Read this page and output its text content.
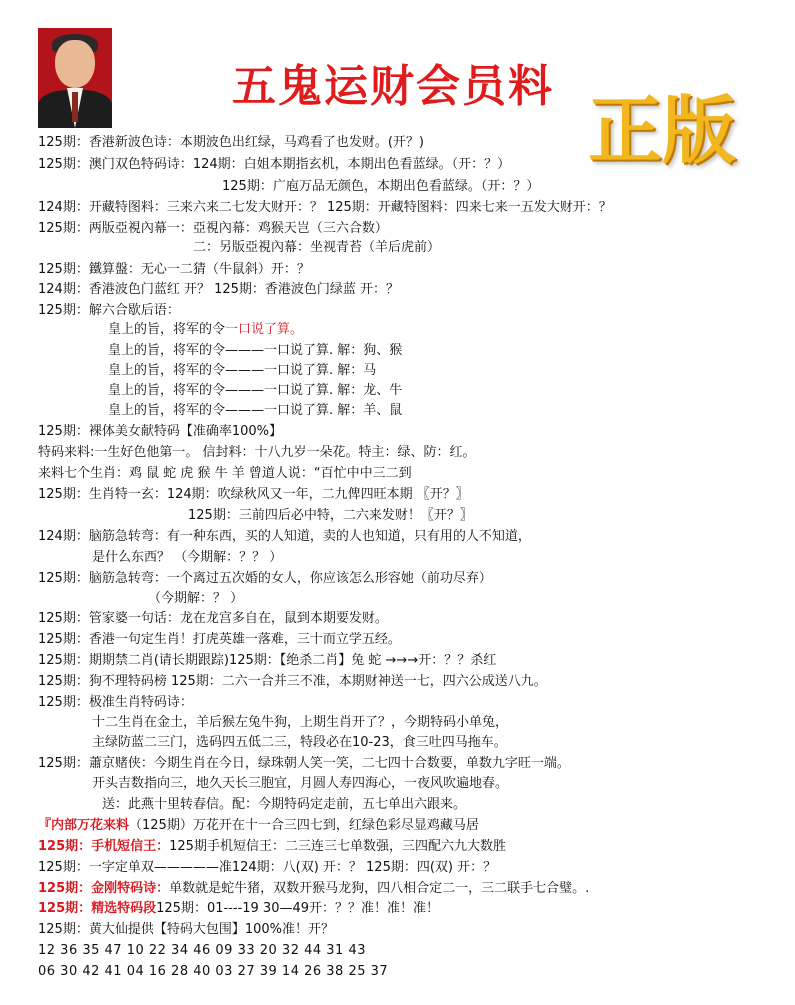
五鬼运财会员料
正版
125期：香港新波色诗：本期波色出红绿，马鸡看了也发财。(开？)
125期：澳门双色特码诗：124期：白姐本期指玄机，本期出色看蓝绿。（开：？）
125期：广庖万品无颜色，本期出色看蓝绿。（开：？）
124期：开藏特图料：三来六来二七发大财开：？ 125期：开藏特图料：四来七来一五发大财开：？
125期：两版亞視內幕一：亞視內幕：鸡猴天岂（三六合数）
二：另版亞視內幕：坐视青苔（羊后虎前）
125期：鐵算盤：无心一二猜（牛鼠斜）开：？
124期：香港波色门蓝红 开？ 125期：香港波色门绿蓝 开：？
125期：解六合歇后语：
皇上的旨，将军的令一口说了算。
皇上的旨，将军的令———一口说了算. 解：狗、猴
皇上的旨，将军的令———一口说了算. 解：马
皇上的旨，将军的令———一口说了算. 解：龙、牛
皇上的旨，将军的令———一口说了算. 解：羊、鼠
125期：裸体美女献特码【准确率100%】
特码来料:一生好色他第一。 信封料：十八九岁一朵花。特主：绿、防：红。
来料七个生肖：鸡 鼠 蛇 虎 猴 牛 羊 曾道人说：“百忙中中三二到
125期：生肖特一玄：124期：吹绿秋风又一年，二九俾四旺本期 〖开？〗
125期：三前四后必中特，二六来发财！〖开？〗
124期：脑筋急转弯：有一种东西，买的人知道，卖的人也知道，只有用的人不知道，
是什么东西？ （今期解：？？ ）
125期：脑筋急转弯：一个离过五次婚的女人，你应该怎么形容她（前功尽弃）
（今期解：？ ）
125期：管家婆一句话：龙在龙宫多自在，鼠到本期要发财。
125期：香港一句定生肖！打虎英雄一落难，三十而立学五经。
125期：期期禁二肖(请长期跟踪)125期：【绝杀二肖】兔 蛇 →→→开：？？杀红
125期：狗不理特码榜 125期：二六一合并三不准，本期财神送一七，四六公成送八九。
125期：极准生肖特码诗：
十二生肖在金土，羊后猴左兔牛狗，上期生肖开了？，今期特码小单兔，
主绿防蓝二三门，选码四五低二三，特段必在10-23，食三吐四马拖车。
125期：蕭京赌侠：今期生肖在今日，绿珠朝人笑一笑，二七四十合数要，单数九字旺一端。
开头吉数指向三，地久天长三胞宜，月圆人寿四海心，一夜风吹遍地春。
送：此燕十里转春信。配：今期特码定走前，五七单出六跟来。
『内部万花来料（125期）万花开在十一合三四七到，红绿色彩尽显鸡藏马居
125期：手机短信王：125期手机短信王：二三连三七单数强，三四配六九大数胜
125期：一字定单双—————准124期：八(双) 开：？ 125期：四(双) 开：？
125期：金刚特码诗：单数就是蛇牛猪，双数开猴马龙狗，四八相合定二一，三二联手七合璧。.
125期：精选特码段125期：01----19 30—49开：？？准！准！准！
125期：黄大仙提供【特码大包围】100%准！开？
12 36 35 47 10 22 34 46 09 33 20 32 44 31 43
06 30 42 41 04 16 28 40 03 27 39 14 26 38 25 37
